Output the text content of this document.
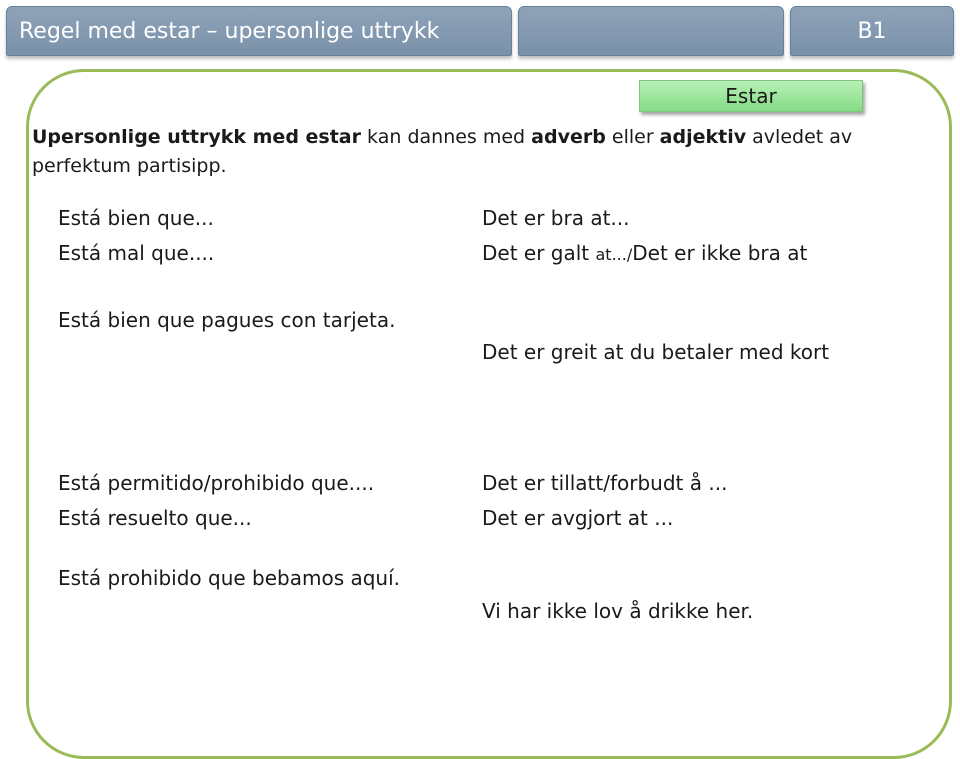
Regel med estar – upersonlige uttrykk	B1
Estar

Upersonlige uttrykk med estar kan dannes med adverb eller adjektiv avledet av perfektum partisipp.

Está bien que...	Det er bra at...
Está mal que....	Det er galt at.../Det er ikke bra at
Está bien que pagues con tarjeta.
Det er greit at du betaler med kort
Está permitido/prohibido que....	Det er tillatt/forbudt å ...
Está resuelto que...	Det er avgjort at ...
Está prohibido que bebamos aquí.
Vi har ikke lov å drikke her.
